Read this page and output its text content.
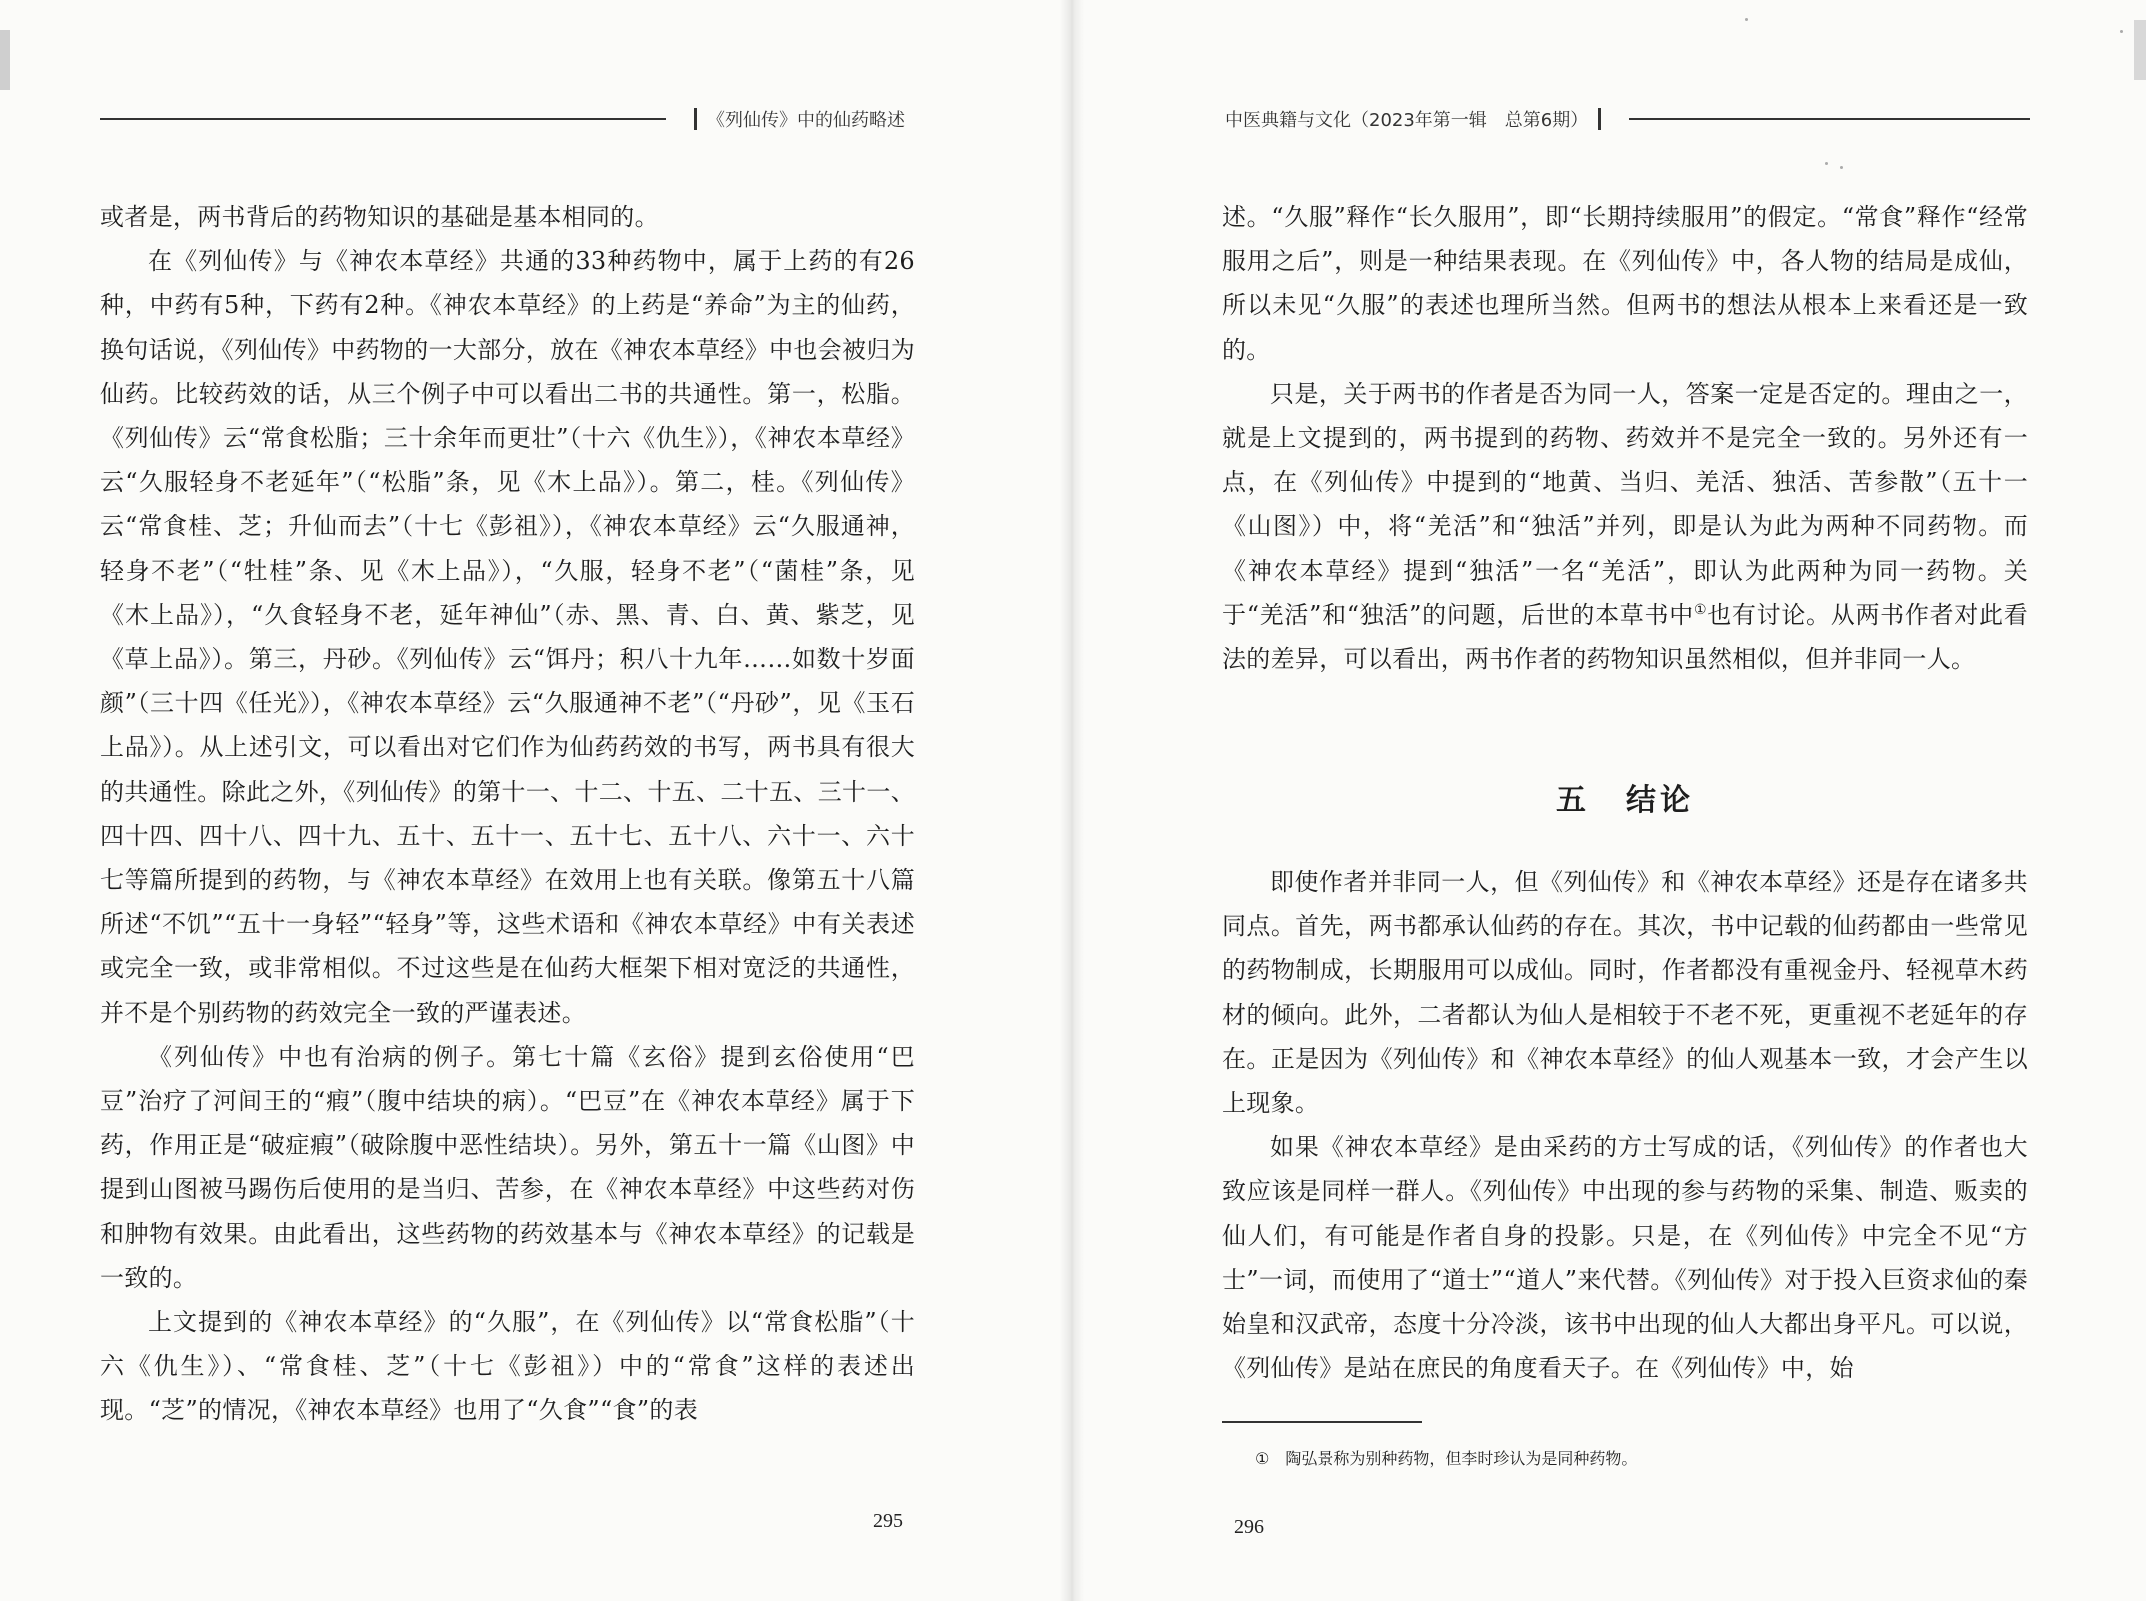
《列仙传》中的仙药略述	中医典籍与文化（2023年第一辑　总第6期）

或者是，两书背后的药物知识的基础是基本相同的。

在《列仙传》与《神农本草经》共通的33种药物中，属于上药的有26种，中药有5种，下药有2种。《神农本草经》的上药是“养命”为主的仙药，换句话说，《列仙传》中药物的一大部分，放在《神农本草经》中也会被归为仙药。比较药效的话，从三个例子中可以看出二书的共通性。第一，松脂。《列仙传》云“常食松脂；三十余年而更壮”（十六《仇生》），《神农本草经》云“久服轻身不老延年”（“松脂”条，见《木上品》）。第二，桂。《列仙传》云“常食桂、芝；升仙而去”（十七《彭祖》），《神农本草经》云“久服通神，轻身不老”（“牡桂”条、见《木上品》），“久服，轻身不老”（“菌桂”条，见《木上品》），“久食轻身不老，延年神仙”（赤、黑、青、白、黄、紫芝，见《草上品》）。第三，丹砂。《列仙传》云“饵丹；积八十九年……如数十岁面颜”（三十四《任光》），《神农本草经》云“久服通神不老”（“丹砂”，见《玉石上品》）。从上述引文，可以看出对它们作为仙药药效的书写，两书具有很大的共通性。除此之外，《列仙传》的第十一、十二、十五、二十五、三十一、四十四、四十八、四十九、五十、五十一、五十七、五十八、六十一、六十七等篇所提到的药物，与《神农本草经》在效用上也有关联。像第五十八篇所述“不饥”“五十一身轻”“轻身”等，这些术语和《神农本草经》中有关表述或完全一致，或非常相似。不过这些是在仙药大框架下相对宽泛的共通性，并不是个别药物的药效完全一致的严谨表述。

《列仙传》中也有治病的例子。第七十篇《玄俗》提到玄俗使用“巴豆”治疗了河间王的“瘕”（腹中结块的病）。“巴豆”在《神农本草经》属于下药，作用正是“破症瘕”（破除腹中恶性结块）。另外，第五十一篇《山图》中提到山图被马踢伤后使用的是当归、苦参，在《神农本草经》中这些药对伤和肿物有效果。由此看出，这些药物的药效基本与《神农本草经》的记载是一致的。

上文提到的《神农本草经》的“久服”，在《列仙传》以“常食松脂”（十六《仇生》）、“常食桂、芝”（十七《彭祖》）中的“常食”这样的表述出现。“芝”的情况，《神农本草经》也用了“久食”“食”的表

述。“久服”释作“长久服用”，即“长期持续服用”的假定。“常食”释作“经常服用之后”，则是一种结果表现。在《列仙传》中，各人物的结局是成仙，所以未见“久服”的表述也理所当然。但两书的想法从根本上来看还是一致的。

只是，关于两书的作者是否为同一人，答案一定是否定的。理由之一，就是上文提到的，两书提到的药物、药效并不是完全一致的。另外还有一点，在《列仙传》中提到的“地黄、当归、羌活、独活、苦参散”（五十一《山图》）中，将“羌活”和“独活”并列，即是认为此为两种不同药物。而《神农本草经》提到“独活”一名“羌活”，即认为此两种为同一药物。关于“羌活”和“独活”的问题，后世的本草书中①也有讨论。从两书作者对此看法的差异，可以看出，两书作者的药物知识虽然相似，但并非同一人。

五 结论

即使作者并非同一人，但《列仙传》和《神农本草经》还是存在诸多共同点。首先，两书都承认仙药的存在。其次，书中记载的仙药都由一些常见的药物制成，长期服用可以成仙。同时，作者都没有重视金丹、轻视草木药材的倾向。此外，二者都认为仙人是相较于不老不死，更重视不老延年的存在。正是因为《列仙传》和《神农本草经》的仙人观基本一致，才会产生以上现象。

如果《神农本草经》是由采药的方士写成的话，《列仙传》的作者也大致应该是同样一群人。《列仙传》中出现的参与药物的采集、制造、贩卖的仙人们，有可能是作者自身的投影。只是，在《列仙传》中完全不见“方士”一词，而使用了“道士”“道人”来代替。《列仙传》对于投入巨资求仙的秦始皇和汉武帝，态度十分冷淡，该书中出现的仙人大都出身平凡。可以说，《列仙传》是站在庶民的角度看天子。在《列仙传》中，始

① 陶弘景称为别种药物，但李时珍认为是同种药物。
295	296
